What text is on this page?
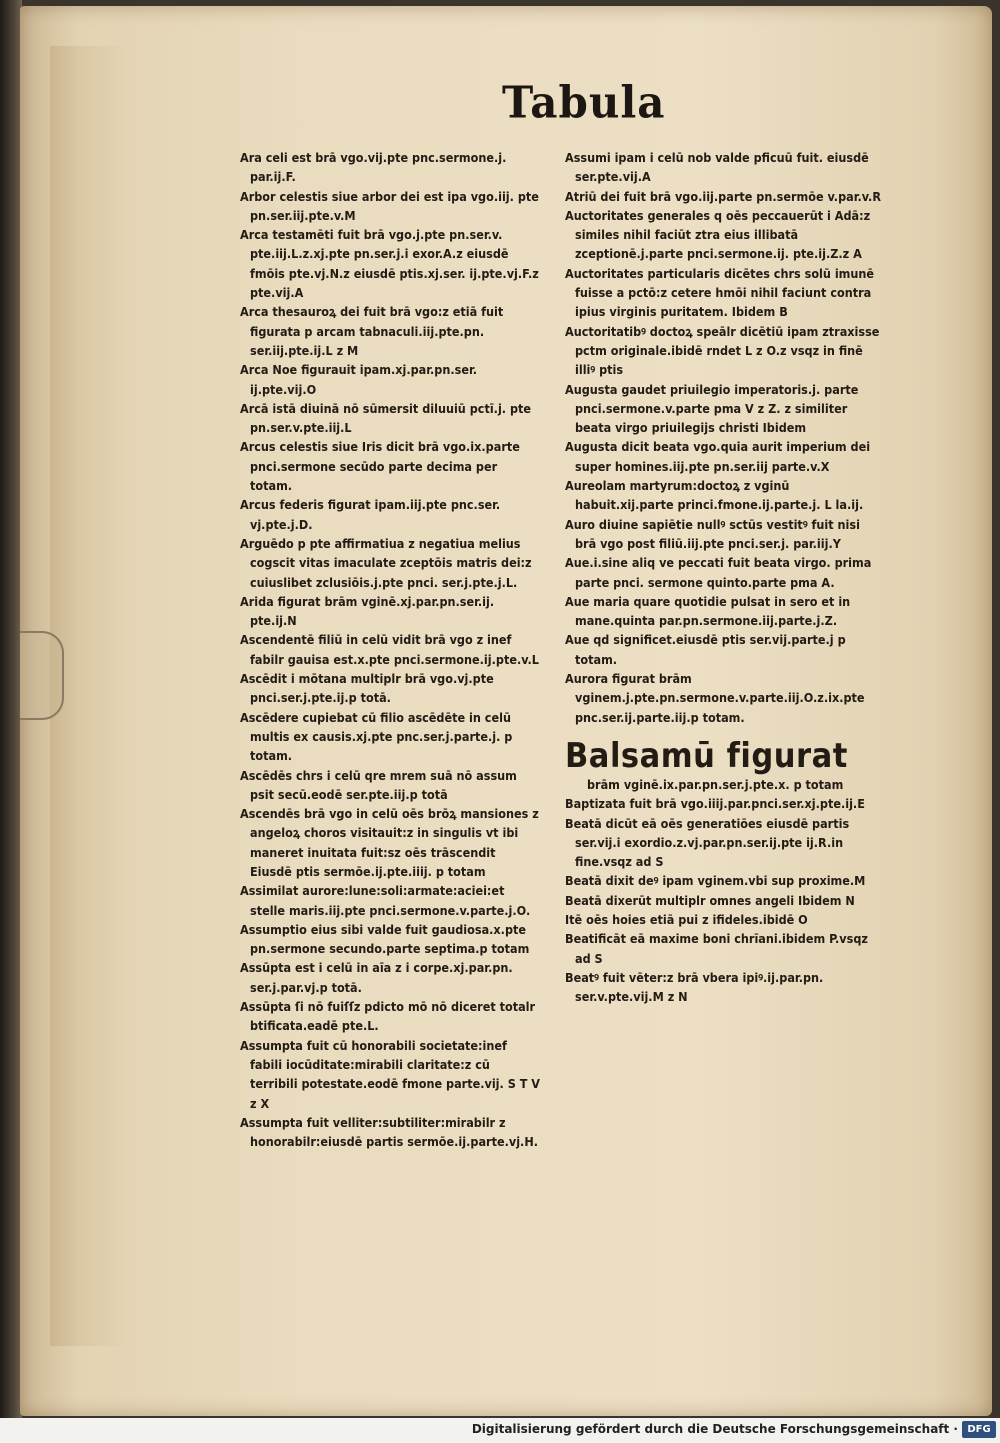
Tabula

Ara celi est brā vgo.vij.pte pnc.sermone.j. par.ij.F.

Arbor celestis siue arbor dei est ipa vgo.iij. pte pn.ser.iij.pte.v.M

Arca testamēti fuit brā vgo.j.pte pn.ser.v. pte.iij.L.z.xj.pte pn.ser.j.i exor.A.z eiusdē fmōis pte.vj.N.z eiusdē ptis.xj.ser. ij.pte.vj.F.z pte.vij.A

Arca thesauroꝝ dei fuit brā vgo:z etiā fuit figurata p arcam tabnaculi.iij.pte.pn. ser.iij.pte.ij.L z M

Arca Noe figurauit ipam.xj.par.pn.ser. ij.pte.vij.O

Arcā istā diuinā nō sūmersit diluuiū pctī.j. pte pn.ser.v.pte.iij.L

Arcus celestis siue Iris dicit brā vgo.ix.parte pnci.sermone secūdo parte decima per totam.

Arcus federis figurat ipam.iij.pte pnc.ser. vj.pte.j.D.

Arguēdo p pte affirmatiua z negatiua melius cogscit vitas imaculate zceptōis matris dei:z cuiuslibet zclusiōis.j.pte pnci. ser.j.pte.j.L.

Arida figurat brām vginē.xj.par.pn.ser.ij. pte.ij.N

Ascendentē filiū in celū vidit brā vgo z inef fabilr gauisa est.x.pte pnci.sermone.ij.pte.v.L

Ascēdit i mōtana multiplr brā vgo.vj.pte pnci.ser.j.pte.ij.p totā.

Ascēdere cupiebat cū filio ascēdēte in celū multis ex causis.xj.pte pnc.ser.j.parte.j. p totam.

Ascēdēs chrs i celū qre mrem suā nō assum psit secū.eodē ser.pte.iij.p totā

Ascendēs brā vgo in celū oēs brōꝝ mansiones z angeloꝝ choros visitauit:z in singulis vt ibi maneret inuitata fuit:sz oēs trāscendit Eiusdē ptis sermōe.ij.pte.iiij. p totam

Assimilat aurore:lune:soli:armate:aciei:et stelle maris.iij.pte pnci.sermone.v.parte.j.O.

Assumptio eius sibi valde fuit gaudiosa.x.pte pn.sermone secundo.parte septima.p totam

Assūpta est i celū in aīa z i corpe.xj.par.pn. ser.j.par.vj.p totā.

Assūpta ſi nō fuiſſz pdicto mō nō diceret totalr btificata.eadē pte.L.

Assumpta fuit cū honorabili societate:inef fabili iocūditate:mirabili claritate:z cū terribili potestate.eodē fmone parte.vij. S T V z X

Assumpta fuit velliter:subtiliter:mirabilr z honorabilr:eiusdē partis sermōe.ij.parte.vj.H.

Assumi ipam i celū nob valde pficuū fuit. eiusdē ser.pte.vij.A

Atriū dei fuit brā vgo.iij.parte pn.sermōe v.par.v.R

Auctoritates generales q oēs peccauerūt i Adā:z similes nihil faciūt ztra eius illibatā zceptionē.j.parte pnci.sermone.ij. pte.ij.Z.z A

Auctoritates particularis dicētes chrs solū imunē fuisse a pctō:z cetere hmōi nihil faciunt contra ipius virginis puritatem. Ibidem B

Auctoritatibꝰ doctoꝝ speālr dicētiū ipam ztraxisse pctm originale.ibidē rndet L z O.z vsqz in finē illiꝰ ptis

Augusta gaudet priuilegio imperatoris.j. parte pnci.sermone.v.parte pma V z Z. z similiter beata virgo priuilegijs christi Ibidem

Augusta dicit beata vgo.quia aurit imperium dei super homines.iij.pte pn.ser.iij parte.v.X

Aureolam martyrum:doctoꝝ z vginū habuit.xij.parte princi.fmone.ij.parte.j. L la.ij.

Auro diuine sapiētie nullꝰ sctūs vestitꝰ fuit nisi brā vgo post filiū.iij.pte pnci.ser.j. par.iij.Y

Aue.i.sine aliq ve peccati fuit beata virgo. prima parte pnci. sermone quinto.parte pma A.

Aue maria quare quotidie pulsat in sero et in mane.quinta par.pn.sermone.iij.parte.j.Z.

Aue qd significet.eiusdē ptis ser.vij.parte.j p totam.

Aurora figurat brām vginem.j.pte.pn.sermone.v.parte.iij.O.z.ix.pte pnc.ser.ij.parte.iij.p totam.

Balsamū figurat
brām vginē.ix.par.pn.ser.j.pte.x. p totam

Baptizata fuit brā vgo.iiij.par.pnci.ser.xj.pte.ij.E

Beatā dicūt eā oēs generatiōes eiusdē partis ser.vij.i exordio.z.vj.par.pn.ser.ij.pte ij.R.in fine.vsqz ad S

Beatā dixit deꝰ ipam vginem.vbi sup proxime.M

Beatā dixerūt multiplr omnes angeli Ibidem N

Itē oēs hoies etiā pui z ifideles.ibidē O

Beatificāt eā maxime boni chrīani.ibidem P.vsqz ad S

Beatꝰ fuit vēter:z brā vbera ipiꝰ.ij.par.pn. ser.v.pte.vij.M z N

Digitalisierung gefördert durch die Deutsche Forschungsgemeinschaft · DFG
